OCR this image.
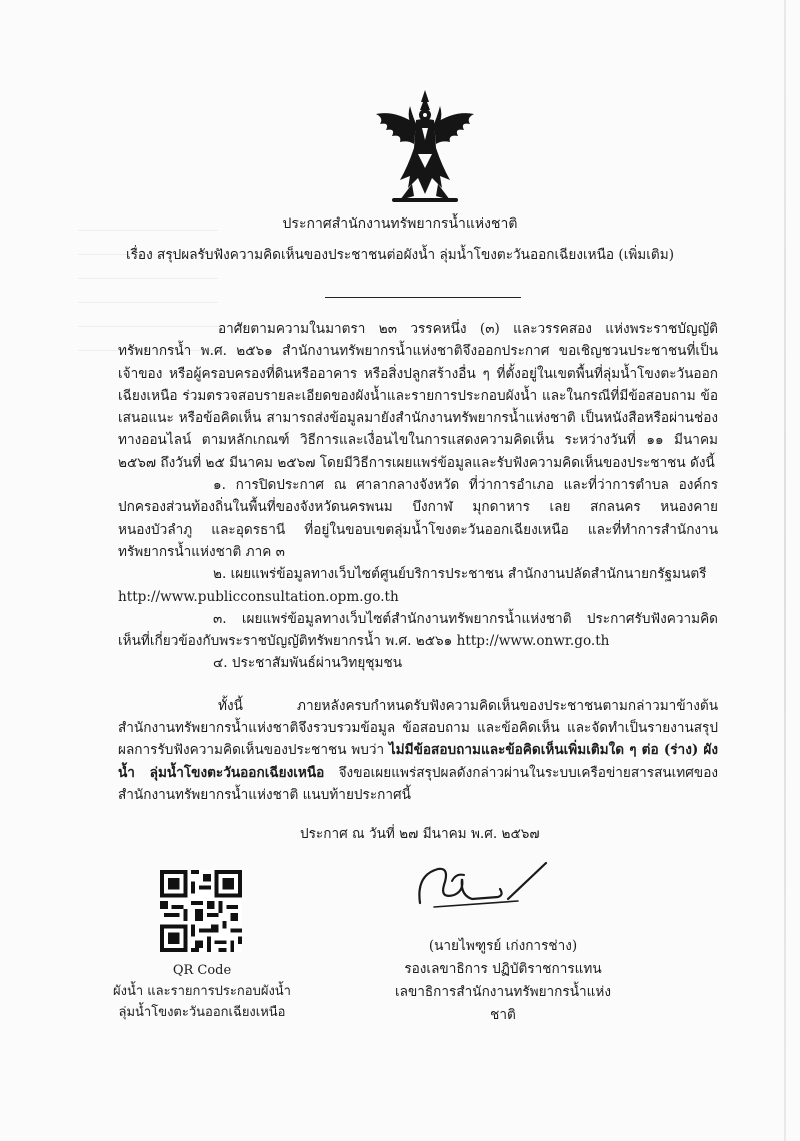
ประกาศสำนักงานทรัพยากรน้ำแห่งชาติ
เรื่อง สรุปผลรับฟังความคิดเห็นของประชาชนต่อผังน้ำ ลุ่มน้ำโขงตะวันออกเฉียงเหนือ (เพิ่มเติม)

อาศัยตามความในมาตรา ๒๓ วรรคหนึ่ง (๓) และวรรคสอง แห่งพระราชบัญญัติทรัพยากรน้ำ พ.ศ. ๒๕๖๑ สำนักงานทรัพยากรน้ำแห่งชาติจึงออกประกาศ ขอเชิญชวนประชาชนที่เป็นเจ้าของ หรือผู้ครอบครองที่ดินหรืออาคาร หรือสิ่งปลูกสร้างอื่น ๆ ที่ตั้งอยู่ในเขตพื้นที่ลุ่มน้ำโขงตะวันออกเฉียงเหนือ ร่วมตรวจสอบรายละเอียดของผังน้ำและรายการประกอบผังน้ำ และในกรณีที่มีข้อสอบถาม ข้อเสนอแนะ หรือข้อคิดเห็น สามารถส่งข้อมูลมายังสำนักงานทรัพยากรน้ำแห่งชาติ เป็นหนังสือหรือผ่านช่องทางออนไลน์ ตามหลักเกณฑ์ วิธีการและเงื่อนไขในการแสดงความคิดเห็น ระหว่างวันที่ ๑๑ มีนาคม ๒๕๖๗ ถึงวันที่ ๒๕ มีนาคม ๒๕๖๗ โดยมีวิธีการเผยแพร่ข้อมูลและรับฟังความคิดเห็นของประชาชน ดังนี้

๑. การปิดประกาศ ณ ศาลากลางจังหวัด ที่ว่าการอำเภอ และที่ว่าการตำบล องค์กรปกครองส่วนท้องถิ่นในพื้นที่ของจังหวัดนครพนม บึงกาฬ มุกดาหาร เลย สกลนคร หนองคาย หนองบัวลำภู และอุดรธานี ที่อยู่ในขอบเขตลุ่มน้ำโขงตะวันออกเฉียงเหนือ และที่ทำการสำนักงานทรัพยากรน้ำแห่งชาติ ภาค ๓

๒. เผยแพร่ข้อมูลทางเว็บไซต์ศูนย์บริการประชาชน สำนักงานปลัดสำนักนายกรัฐมนตรี

http://www.publicconsultation.opm.go.th

๓. เผยแพร่ข้อมูลทางเว็บไซต์สำนักงานทรัพยากรน้ำแห่งชาติ ประกาศรับฟังความคิดเห็นที่เกี่ยวข้องกับพระราชบัญญัติทรัพยากรน้ำ พ.ศ. ๒๕๖๑ http://www.onwr.go.th

๔. ประชาสัมพันธ์ผ่านวิทยุชุมชน

ทั้งนี้ ภายหลังครบกำหนดรับฟังความคิดเห็นของประชาชนตามกล่าวมาข้างต้น สำนักงานทรัพยากรน้ำแห่งชาติจึงรวบรวมข้อมูล ข้อสอบถาม และข้อคิดเห็น และจัดทำเป็นรายงานสรุปผลการรับฟังความคิดเห็นของประชาชน พบว่า ไม่มีข้อสอบถามและข้อคิดเห็นเพิ่มเติมใด ๆ ต่อ (ร่าง) ผังน้ำ ลุ่มน้ำโขงตะวันออกเฉียงเหนือ จึงขอเผยแพร่สรุปผลดังกล่าวผ่านในระบบเครือข่ายสารสนเทศของสำนักงานทรัพยากรน้ำแห่งชาติ แนบท้ายประกาศนี้

ประกาศ ณ วันที่ ๒๗ มีนาคม พ.ศ. ๒๕๖๗
(นายไพฑูรย์ เก่งการช่าง)
รองเลขาธิการ ปฏิบัติราชการแทน
เลขาธิการสำนักงานทรัพยากรน้ำแห่งชาติ
QR Code
ผังน้ำ และรายการประกอบผังน้ำ
ลุ่มน้ำโขงตะวันออกเฉียงเหนือ
